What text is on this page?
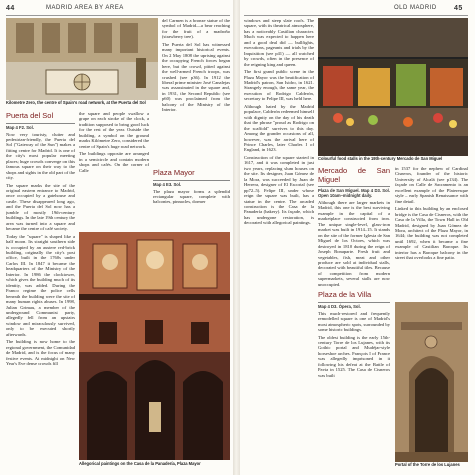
44	MADRID AREA BY AREA
Kilometre Zero, the centre of Spain's road network, at the Puerta del Sol
Puerta del Sol
Map 4 F2. Sol.

Now very touristy, clutter and pedestrian-friendly, the Puerta del Sol ("Gateway of the Sun") makes a fitting centre for Madrid. It is one of the city's most popular meeting places; huge crowds converge on this famous square on their way to the shops and sights in the old part of the city.

The square marks the site of the original eastern entrance to Madrid, once occupied by a gatehouse and castle. These disappeared long ago, and the Puerta del Sol now has a jumble of mostly 19th-century buildings. In the late 19th century the area was turned into a square and became the centre of café society.

Today the "square" is shaped like a half moon. Its straight southern side is occupied by an austere red-brick building, originally the city's post office, built in the 1760s under Carlos III. In 1847 it became the headquarters of the Ministry of the Interior. In 1986 the clocktower, which gives the building much of its identity, was added. During the Franco regime the police cells beneath the building were the site of many human rights abuses. In 1998, Julian Grimau, a member of the underground Communist party, allegedly fell from an upstairs window and miraculously survived, only to be executed shortly afterwards.

The building is now home to the regional government, the Comunidad de Madrid, and is the focus of many festive events. At midnight on New Year's Eve dense crowds fill

the square and people swallow a grape on each stroke of the clock, a tradition supposed to bring good luck for the rest of the year. Outside the building, a symbol on the ground marks Kilómetre Zero, considered the centre of Spain's huge road network.

The buildings opposite are arranged in a semicircle and contain modern shops and cafés. On the corner of Calle

del Carmen is a bronze statue of the symbol of Madrid—a bear reaching for the fruit of a madroño (strawberry tree).

The Puerta del Sol has witnessed many important historical events. On 2 May 1808 the uprising against the occupying French forces began here, but the crowd, pitted against the well-armed French troops, was crushed (see p36). In 1912 the liberal prime minister José Canalejas was assassinated in the square and, in 1931, the Second Republic (see p60) was proclaimed from the balcony of the Ministry of the Interior.

Plaza Mayor
Map 4 E3. Sol.

The plaza mayor forms a splendid rectangular square, complete with balconies, pinnacles, dormer

Allegorical paintings on the Casa de la Panadería, Plaza Mayor
OLD MADRID 45

windows and steep slate roofs. The square, with its theatrical atmosphere, has a noticeably Castilian character. Much was expected to happen here and a good deal did — bullfights, executions, pageants and trials by the Inquisition (see p41) — all watched by crowds, often in the presence of the reigning king and queen.

The first grand public scene in the Plaza Mayor was the beatification of Madrid's patron, San Isidro, in 1621. Strangely enough, the same year, the execution of Rodrigo Calderón, secretary to Felipe III, was held here.

Although hated by the Madrid populace, Calderón redeemed himself with dignity on the day of his death that the phrase "proud as Rodrigo on the scaffold" survives to this day. Among the grander occasions of all, however, was the arrival here of Prince Charles, later Charles I of England, in 1623.

Construction of the square started in 1617, and it was completed in just two years, replacing slum houses on the site. Its designer, Juan Gómez de la Mora, was succeeded by Juan de Herrera, designer of El Escorial (see pp72–5). Felipe III, under whose reign the square was built, has a statue in the centre. The arcaded construction is the Casa de la Panadería (bakery). Its façade, which has undergone restoration, is decorated with allegorical paintings.

Colourful food stalls in the 19th-century Mercado de San Miguel
Mercado de San Miguel
Plaza de San Miguel. Map 4 D3. Sol. Open 10am–midnight daily.

Although there are larger markets in Madrid, this one is the best surviving example in the capital of a marketplace constructed from iron. The unique single-level, glass-iron market was built in 1914–15. It stands on the site of the former Iglesia de San Miguel de los Octoes, which was destroyed in 1810 during the reign of Joseph Bonaparte. Fresh fruit and vegetables, fish, meat and other produce are sold at individual stalls, decorated with beautiful tiles. Because of competition from modern supermarkets, several stalls are now unoccupied.

Plaza de la Villa
Map 4 D3. Ópera, Sol.

This much-restored and frequently remodelled square is one of Madrid's most atmospheric spots, surrounded by some historic buildings.

The oldest building is the early 15th-century Torre de los Lujanes, with its Gothic portal and Mudéjar-style horseshoe arches. François I of France was allegedly imprisoned in it following his defeat at the Battle of Pavia in 1525. The Casa de Cisneros was built

in 1537 for the nephew of Cardinal Cisneros, founder of the historic University of Alcalá (see p134). The façade on Calle de Sacramento is an excellent example of the Plateresque style – early Spanish Renaissance with fine detail.

Linked to this building by an enclosed bridge is the Casa de Cisneros, with the Casa de la Villa, the Town Hall in Old Madrid, designed by Juan Gómez de Mora, architect of the Plaza Mayor, in 1644; the building was not completed until 1692, when it became a fine example of Castilian Baroque. Its interior has a Baroque balcony in the street that overlooks a fine patio.

Portal of the Torre de los Lujanes
